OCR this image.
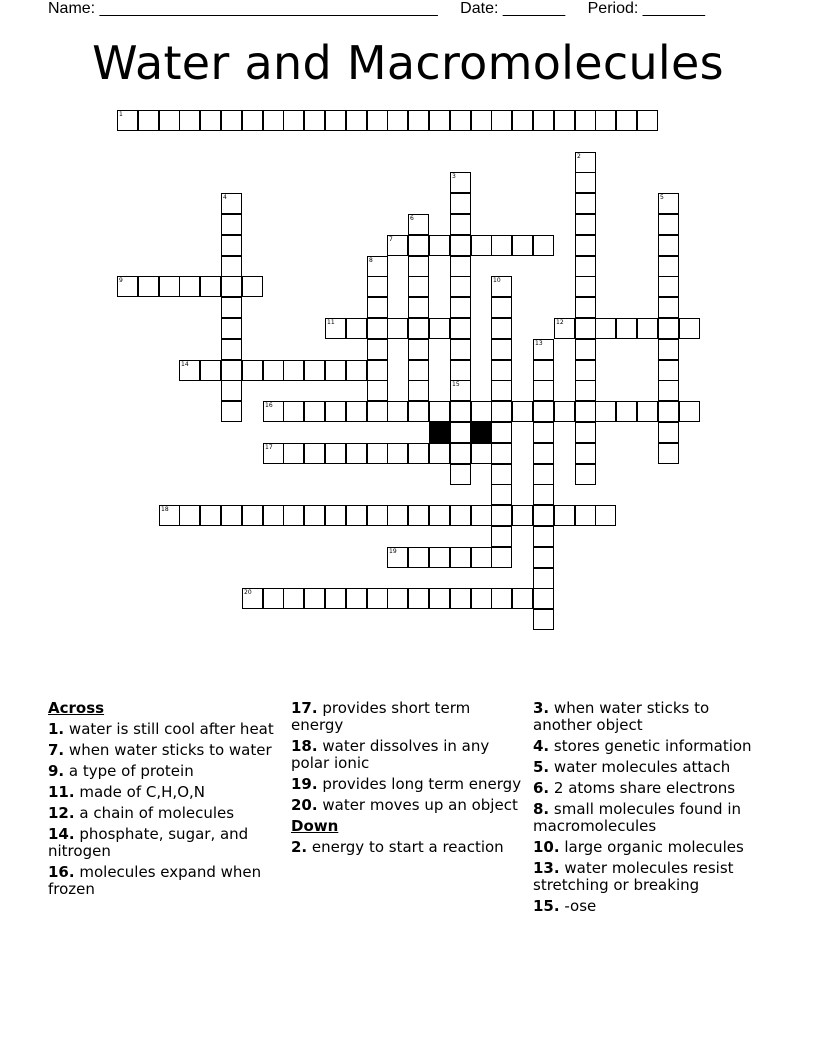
Name: ______________________________________ Date: _______ Period: _______
Water and Macromolecules
1
2
3
15
4	5
6
7
8
9	10
11	12
13
14
16
17
18
19
20
Across
1. water is still cool after heat
7. when water sticks to water
9. a type of protein
11. made of C,H,O,N
12. a chain of molecules
14. phosphate, sugar, and nitrogen
16. molecules expand when frozen
17. provides short term energy
18. water dissolves in any polar ionic
19. provides long term energy
20. water moves up an object
Down
2. energy to start a reaction
3. when water sticks to another object
4. stores genetic information
5. water molecules attach
6. 2 atoms share electrons
8. small molecules found in macromolecules
10. large organic molecules
13. water molecules resist stretching or breaking
15. -ose
